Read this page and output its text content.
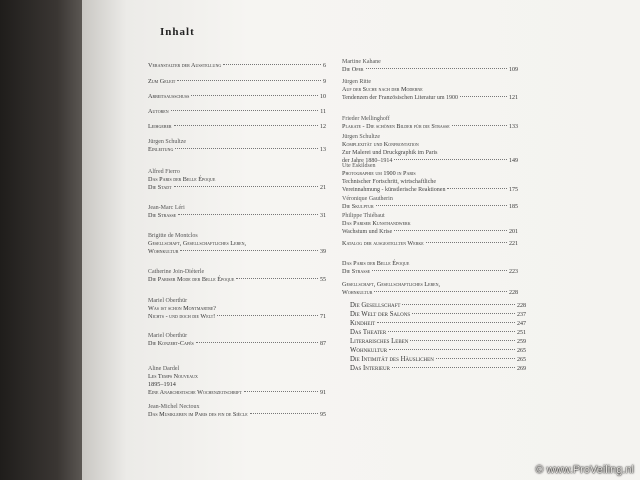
Inhalt
Veranstalter der Ausstellung	6
Zum Geleit	9
Arbeitsausschuss	10
Autoren	11
Leihgeber	12
Jürgen Schultze
Einleitung	13
Alfred Fierro
Das Paris der Belle Époque
Die Stadt	21
Jean-Marc Léri
Die Strasse	31
Brigitte de Montclos
Gesellschaft, Gesellschaftliches Leben,
Wohnkultur	39
Catherine Join-Diéterle
Die Pariser Mode der Belle Époque	55
Mariel Oberthür
Was ist schon Montmartre?
Nichts - und doch die Welt!	71
Mariel Oberthür
Die Konzert-Cafés	87
Aline Dardel
Les Temps Nouveaux
1895–1914
Eine Anarchistische Wochenzeitschrift	91
Jean-Michel Nectoux
Das Musikleben im Paris des fin de Siècle	95
Martine Kahane
Die Oper	109
Jürgen Ritte
Auf der Suche nach der Moderne
Tendenzen der Französischen Literatur um 1900	121
Frieder Mellinghoff
Plakate - Die schönen Bilder für die Strasse	133
Jürgen Schultze
Komplexität und Konfrontation
Zur Malerei und Druckgraphik im Paris
der Jahre 1880–1914	149
Ute Eskildsen
Photographie um 1900 in Paris
Technischer Fortschritt, wirtschaftliche
Vereinnahmung - künstlerische Reaktionen	175
Véronique Gautherin
Die Skulptur	185
Philippe Thiébaut
Das Pariser Kunsthandwerk
Wachstum und Krise	201
Katalog der ausgestellten Werke	221
Das Paris der Belle Époque
Die Strasse	223
Gesellschaft, Gesellschaftliches Leben,
Wohnkultur	228
Die Gesellschaft	228
Die Welt der Salons	237
Kindheit	247
Das Theater	251
Literarisches Leben	259
Wohnkultur	265
Die Intimität des Häuslichen	265
Das Interieur	269
© www.ProVeiling.nl
